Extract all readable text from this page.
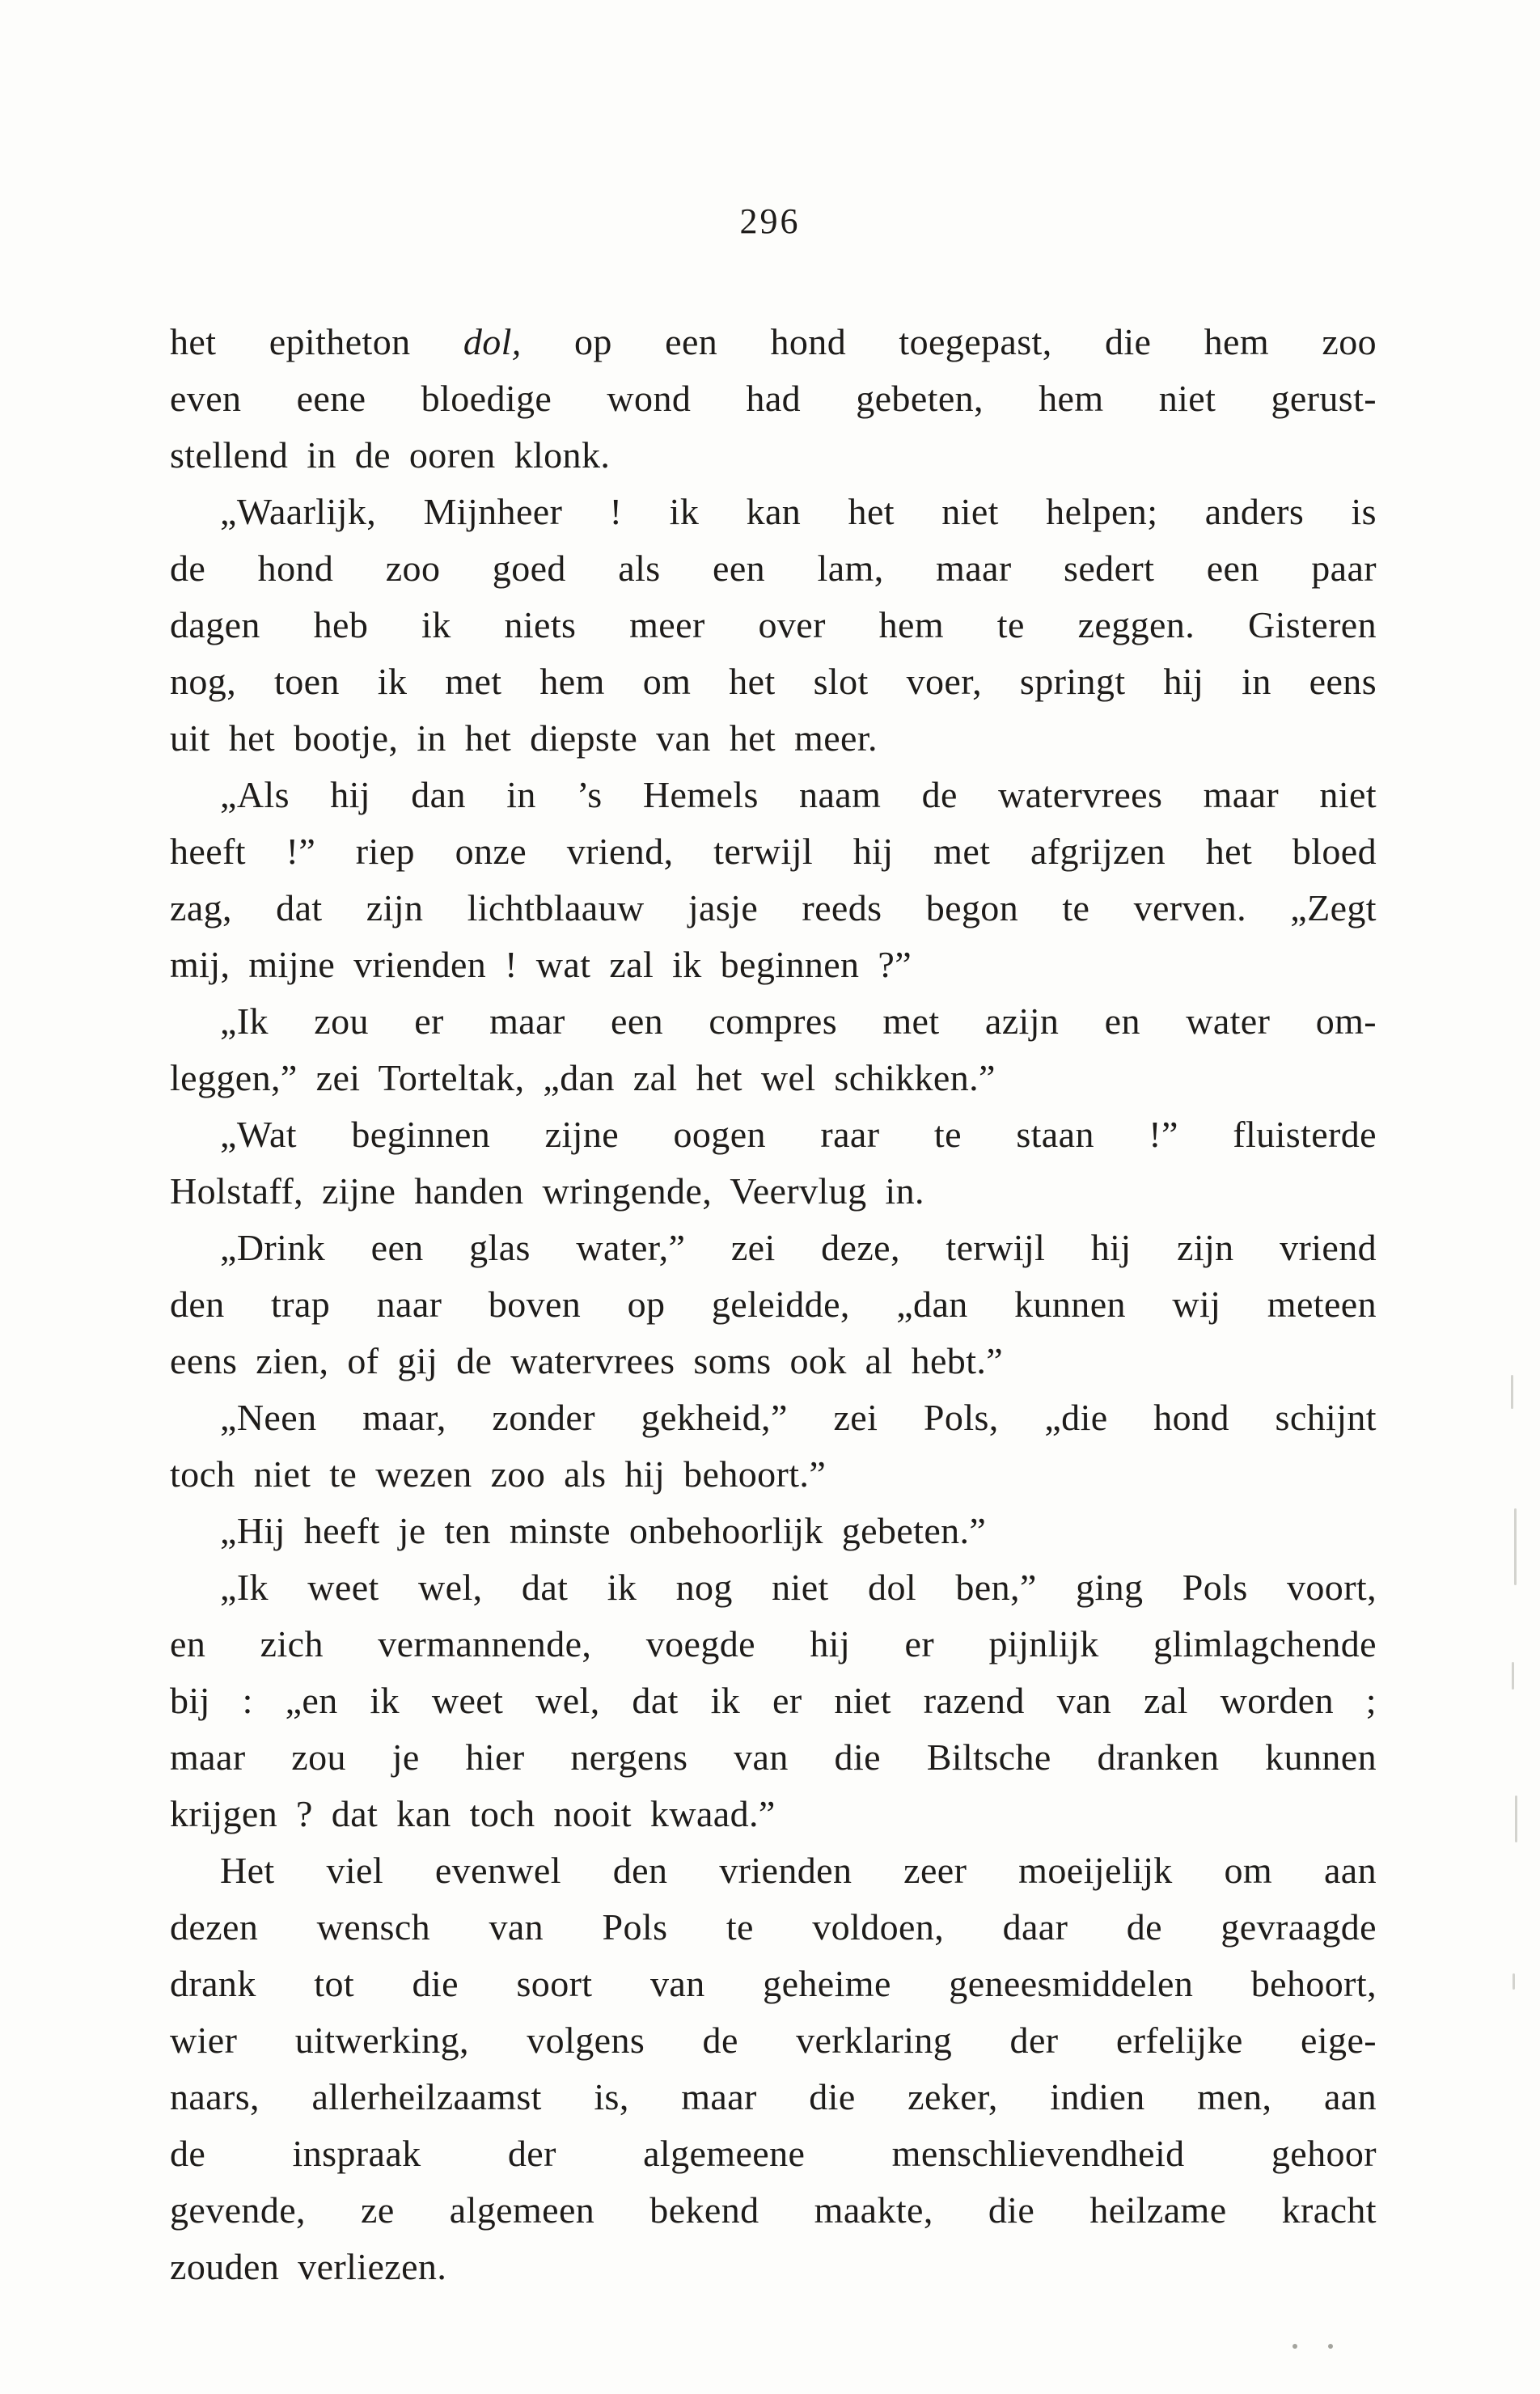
296
het epitheton dol, op een hond toegepast, die hem zoo
even eene bloedige wond had gebeten, hem niet gerust-
stellend in de ooren klonk.
„Waarlijk, Mijnheer ! ik kan het niet helpen; anders is
de hond zoo goed als een lam, maar sedert een paar
dagen heb ik niets meer over hem te zeggen. Gisteren
nog, toen ik met hem om het slot voer, springt hij in eens
uit het bootje, in het diepste van het meer.
„Als hij dan in ’s Hemels naam de watervrees maar niet
heeft !” riep onze vriend, terwijl hij met afgrijzen het bloed
zag, dat zijn lichtblaauw jasje reeds begon te verven. „Zegt
mij, mijne vrienden ! wat zal ik beginnen ?”
„Ik zou er maar een compres met azijn en water om-
leggen,” zei Torteltak, „dan zal het wel schikken.”
„Wat beginnen zijne oogen raar te staan !” fluisterde
Holstaff, zijne handen wringende, Veervlug in.
„Drink een glas water,” zei deze, terwijl hij zijn vriend
den trap naar boven op geleidde, „dan kunnen wij meteen
eens zien, of gij de watervrees soms ook al hebt.”
„Neen maar, zonder gekheid,” zei Pols, „die hond schijnt
toch niet te wezen zoo als hij behoort.”
„Hij heeft je ten minste onbehoorlijk gebeten.”
„Ik weet wel, dat ik nog niet dol ben,” ging Pols voort,
en zich vermannende, voegde hij er pijnlijk glimlagchende
bij : „en ik weet wel, dat ik er niet razend van zal worden ;
maar zou je hier nergens van die Biltsche dranken kunnen
krijgen ? dat kan toch nooit kwaad.”
Het viel evenwel den vrienden zeer moeijelijk om aan
dezen wensch van Pols te voldoen, daar de gevraagde
drank tot die soort van geheime geneesmiddelen behoort,
wier uitwerking, volgens de verklaring der erfelijke eige-
naars, allerheilzaamst is, maar die zeker, indien men, aan
de inspraak der algemeene menschlievendheid gehoor
gevende, ze algemeen bekend maakte, die heilzame kracht
zouden verliezen.
